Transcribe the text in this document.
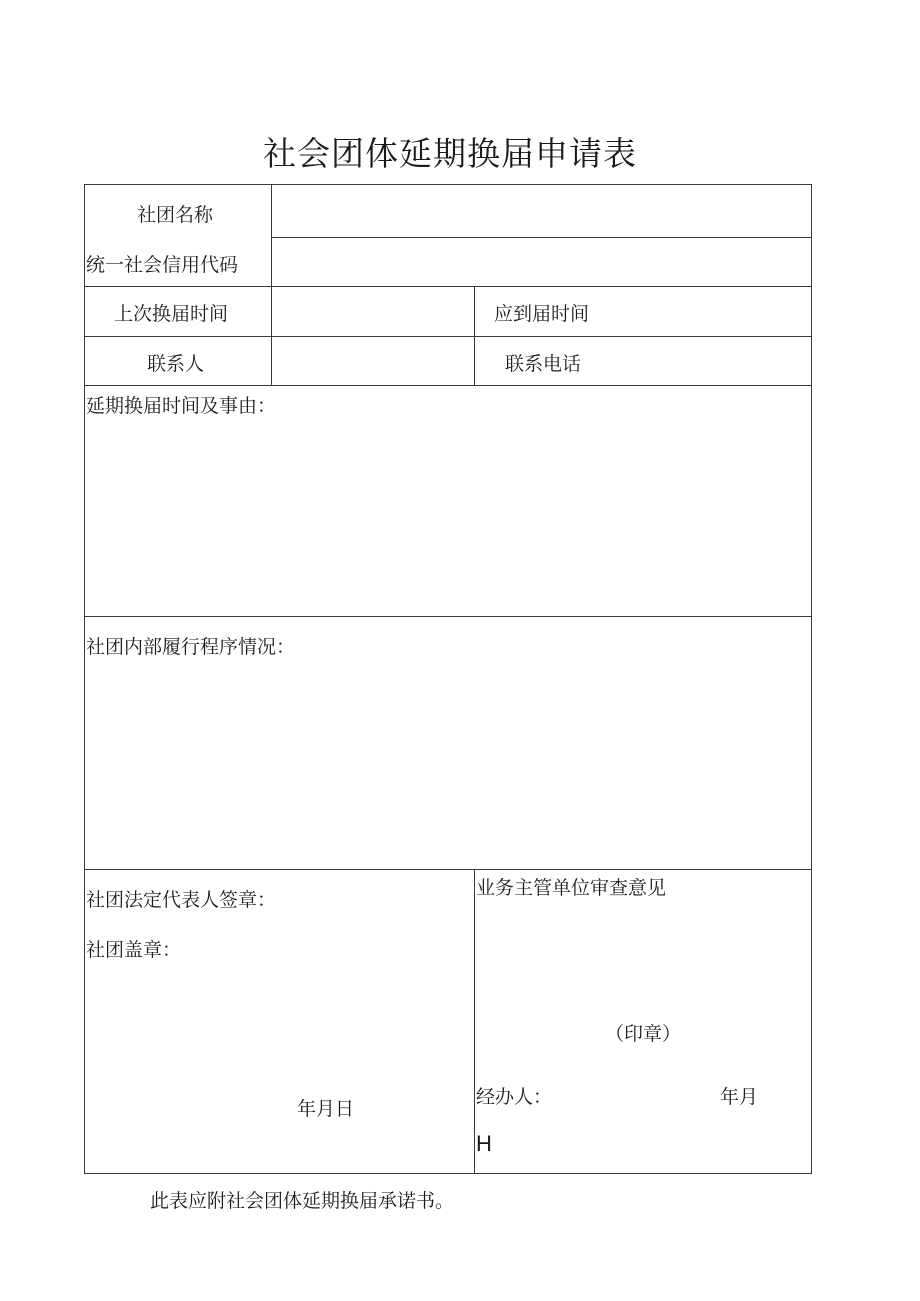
社会团体延期换届申请表
社团名称
统一社会信用代码
上次换届时间	应到届时间
联系人	联系电话
延期换届时间及事由：
社团内部履行程序情况：
社团法定代表人签章：
社团盖章：
年月日
业务主管单位审查意见
（印章）
经办人：	年月
H
此表应附社会团体延期换届承诺书。
